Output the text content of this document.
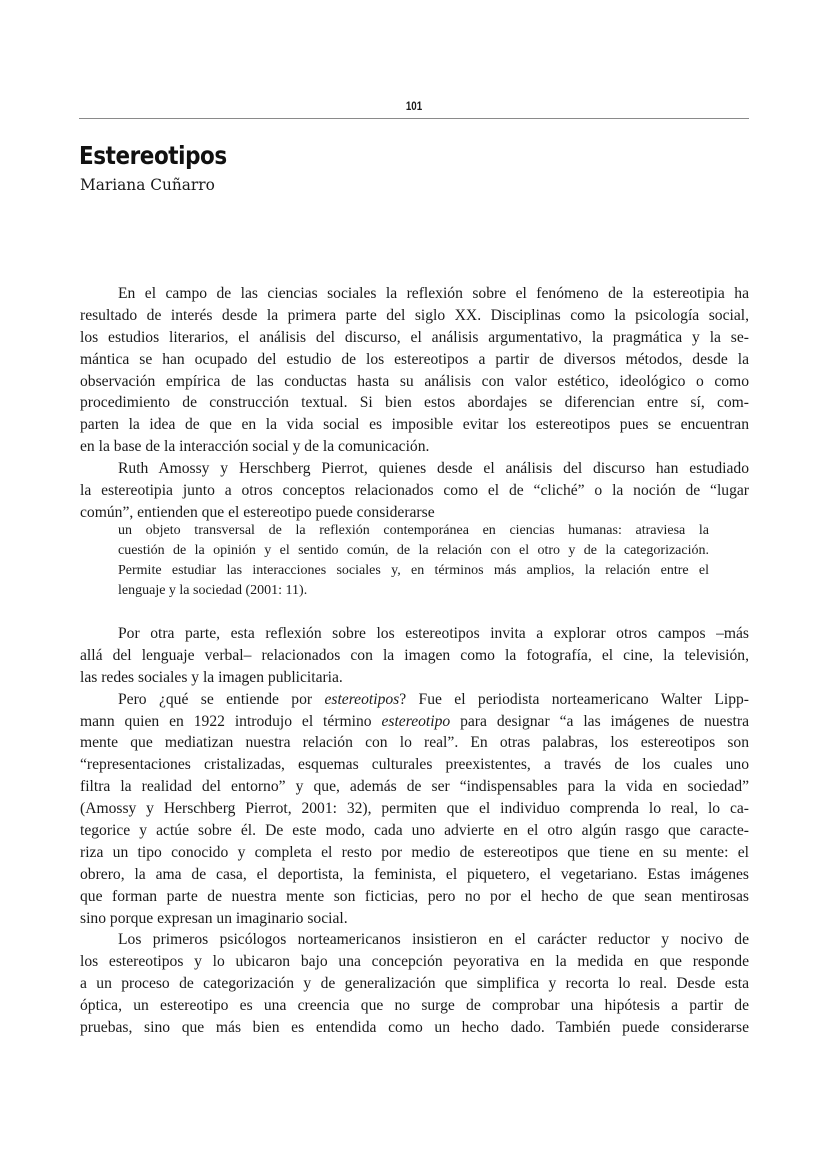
101
Estereotipos
Mariana Cuñarro
En el campo de las ciencias sociales la reflexión sobre el fenómeno de la estereotipia ha
resultado de interés desde la primera parte del siglo XX. Disciplinas como la psicología social,
los estudios literarios, el análisis del discurso, el análisis argumentativo, la pragmática y la se-
mántica se han ocupado del estudio de los estereotipos a partir de diversos métodos, desde la
observación empírica de las conductas hasta su análisis con valor estético, ideológico o como
procedimiento de construcción textual. Si bien estos abordajes se diferencian entre sí, com-
parten la idea de que en la vida social es imposible evitar los estereotipos pues se encuentran
en la base de la interacción social y de la comunicación.
Ruth Amossy y Herschberg Pierrot, quienes desde el análisis del discurso han estudiado
la estereotipia junto a otros conceptos relacionados como el de “cliché” o la noción de “lugar
común”, entienden que el estereotipo puede considerarse
un objeto transversal de la reflexión contemporánea en ciencias humanas: atraviesa la
cuestión de la opinión y el sentido común, de la relación con el otro y de la categorización.
Permite estudiar las interacciones sociales y, en términos más amplios, la relación entre el
lenguaje y la sociedad (2001: 11).
Por otra parte, esta reflexión sobre los estereotipos invita a explorar otros campos –más
allá del lenguaje verbal– relacionados con la imagen como la fotografía, el cine, la televisión,
las redes sociales y la imagen publicitaria.
Pero ¿qué se entiende por estereotipos? Fue el periodista norteamericano Walter Lipp-
mann quien en 1922 introdujo el término estereotipo para designar “a las imágenes de nuestra
mente que mediatizan nuestra relación con lo real”. En otras palabras, los estereotipos son
“representaciones cristalizadas, esquemas culturales preexistentes, a través de los cuales uno
filtra la realidad del entorno” y que, además de ser “indispensables para la vida en sociedad”
(Amossy y Herschberg Pierrot, 2001: 32), permiten que el individuo comprenda lo real, lo ca-
tegorice y actúe sobre él. De este modo, cada uno advierte en el otro algún rasgo que caracte-
riza un tipo conocido y completa el resto por medio de estereotipos que tiene en su mente: el
obrero, la ama de casa, el deportista, la feminista, el piquetero, el vegetariano. Estas imágenes
que forman parte de nuestra mente son ficticias, pero no por el hecho de que sean mentirosas
sino porque expresan un imaginario social.
Los primeros psicólogos norteamericanos insistieron en el carácter reductor y nocivo de
los estereotipos y lo ubicaron bajo una concepción peyorativa en la medida en que responde
a un proceso de categorización y de generalización que simplifica y recorta lo real. Desde esta
óptica, un estereotipo es una creencia que no surge de comprobar una hipótesis a partir de
pruebas, sino que más bien es entendida como un hecho dado. También puede considerarse
